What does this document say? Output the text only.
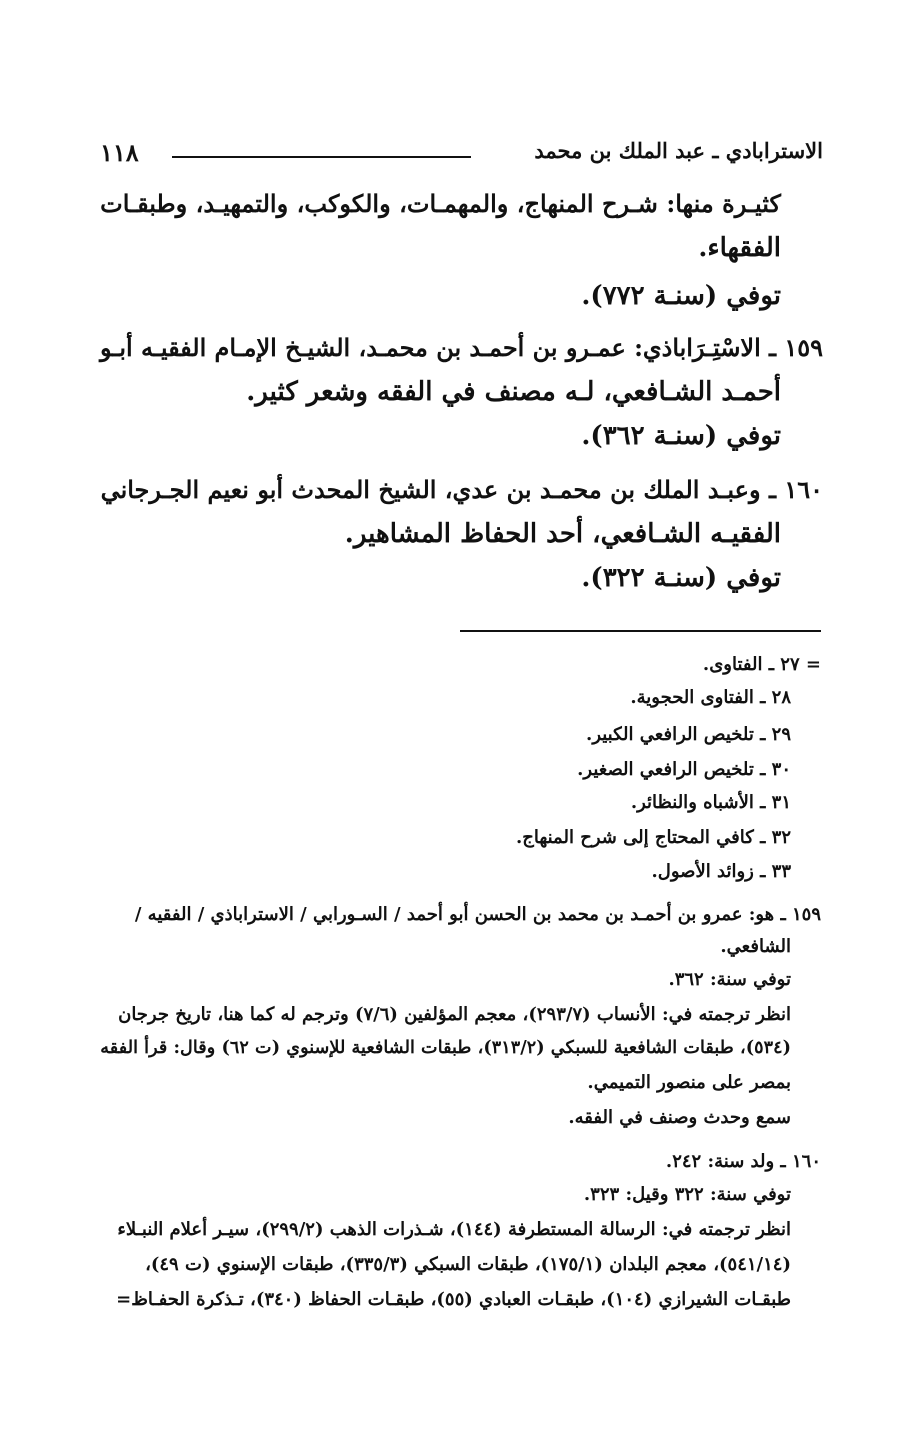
الاسترابادي ـ عبد الملك بن محمد
١١٨
كثيـرة منها: شـرح المنهاج، والمهمـات، والكوكب، والتمهيـد، وطبقـات
الفقهاء.
توفي (سنـة ٧٧٢).
١٥٩ ـ الاسْتِـرَاباذي: عمـرو بن أحمـد بن محمـد، الشيـخ الإمـام الفقيـه أبـو
أحمـد الشـافعي، لـه مصنف في الفقه وشعر كثير.
توفي (سنـة ٣٦٢).
١٦٠ ـ وعبـد الملك بن محمـد بن عدي، الشيخ المحدث أبو نعيم الجـرجاني
الفقيـه الشـافعي، أحد الحفاظ المشاهير.
توفي (سنـة ٣٢٢).
= ٢٧ ـ الفتاوى.
٢٨ ـ الفتاوى الحجوية.
٢٩ ـ تلخيص الرافعي الكبير.
٣٠ ـ تلخيص الرافعي الصغير.
٣١ ـ الأشباه والنظائر.
٣٢ ـ كافي المحتاج إلى شرح المنهاج.
٣٣ ـ زوائد الأصول.
١٥٩ ـ هو: عمرو بن أحمـد بن محمد بن الحسن أبو أحمد / السـورابي / الاستراباذي / الفقيه /
الشافعي.
توفي سنة: ٣٦٢.
انظر ترجمته في: الأنساب (٢٩٣/٧)، معجم المؤلفين (٧/٦) وترجم له كما هنا، تاريخ جرجان
(٥٣٤)، طبقات الشافعية للسبكي (٣١٣/٢)، طبقات الشافعية للإسنوي (ت ٦٢) وقال: قرأ الفقه
بمصر على منصور التميمي.
سمع وحدث وصنف في الفقه.
١٦٠ ـ ولد سنة: ٢٤٢.
توفي سنة: ٣٢٢ وقيل: ٣٢٣.
انظر ترجمته في: الرسالة المستطرفة (١٤٤)، شـذرات الذهب (٢٩٩/٢)، سيـر أعلام النبـلاء
(٥٤١/١٤)، معجم البلدان (١٧٥/١)، طبقات السبكي (٣٣٥/٣)، طبقات الإسنوي (ت ٤٩)،
طبقـات الشيرازي (١٠٤)، طبقـات العبادي (٥٥)، طبقـات الحفاظ (٣٤٠)، تـذكرة الحفـاظ=
